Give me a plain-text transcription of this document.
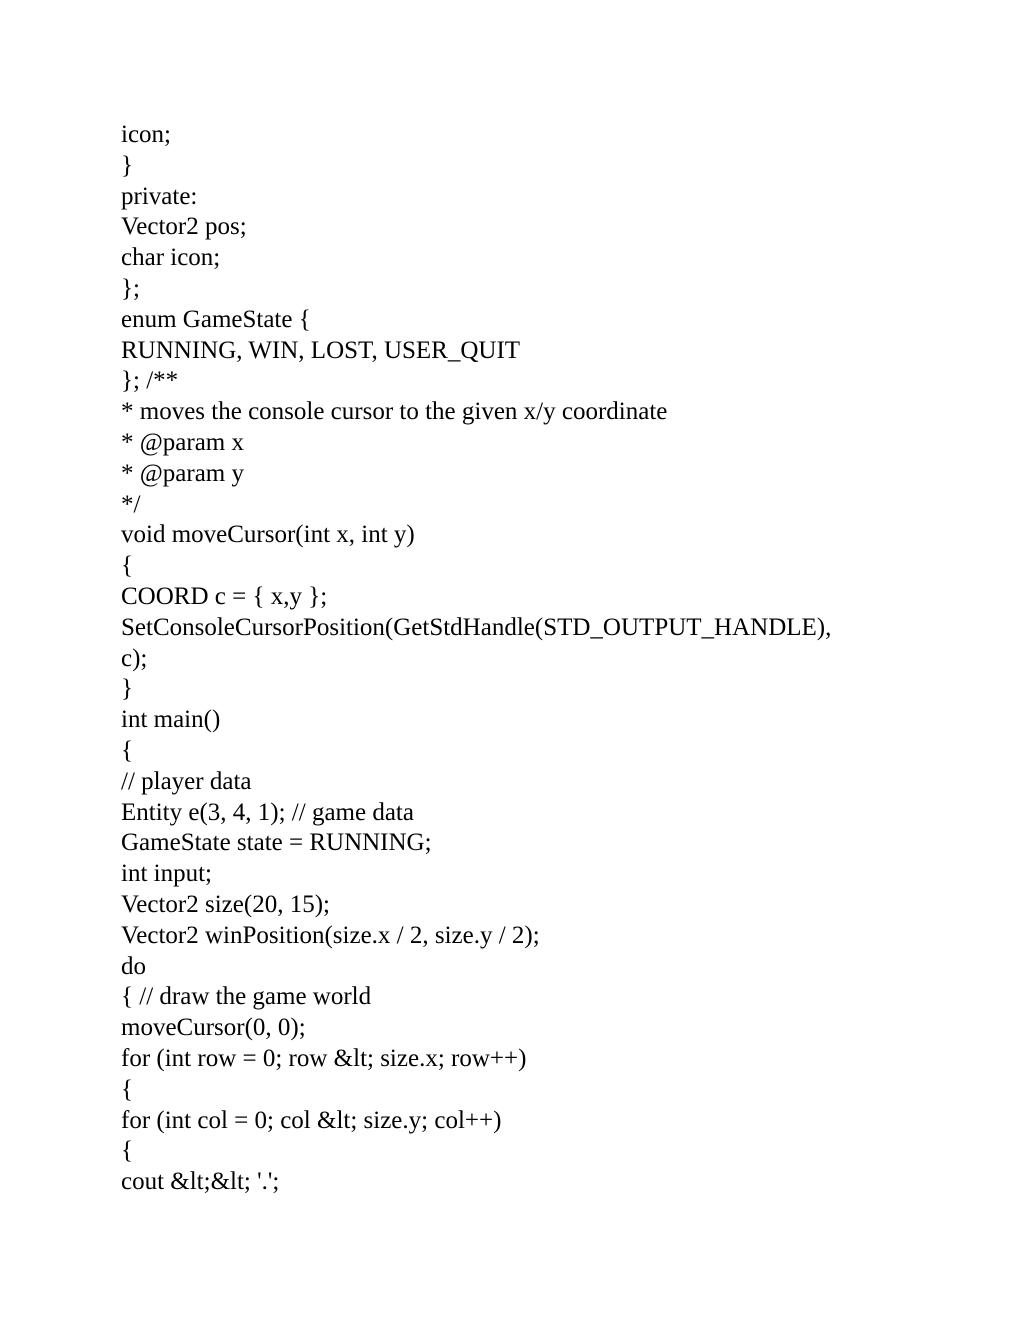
icon;
}
private:
Vector2 pos;
char icon;
};
enum GameState {
RUNNING, WIN, LOST, USER_QUIT
}; /**
* moves the console cursor to the given x/y coordinate
* @param x
* @param y
*/
void moveCursor(int x, int y)
{
COORD c = { x,y };
SetConsoleCursorPosition(GetStdHandle(STD_OUTPUT_HANDLE),
c);
}
int main()
{
// player data
Entity e(3, 4, 1); // game data
GameState state = RUNNING;
int input;
Vector2 size(20, 15);
Vector2 winPosition(size.x / 2, size.y / 2);
do
{ // draw the game world
moveCursor(0, 0);
for (int row = 0; row &lt; size.x; row++)
{
for (int col = 0; col &lt; size.y; col++)
{
cout &lt;&lt; '.';
